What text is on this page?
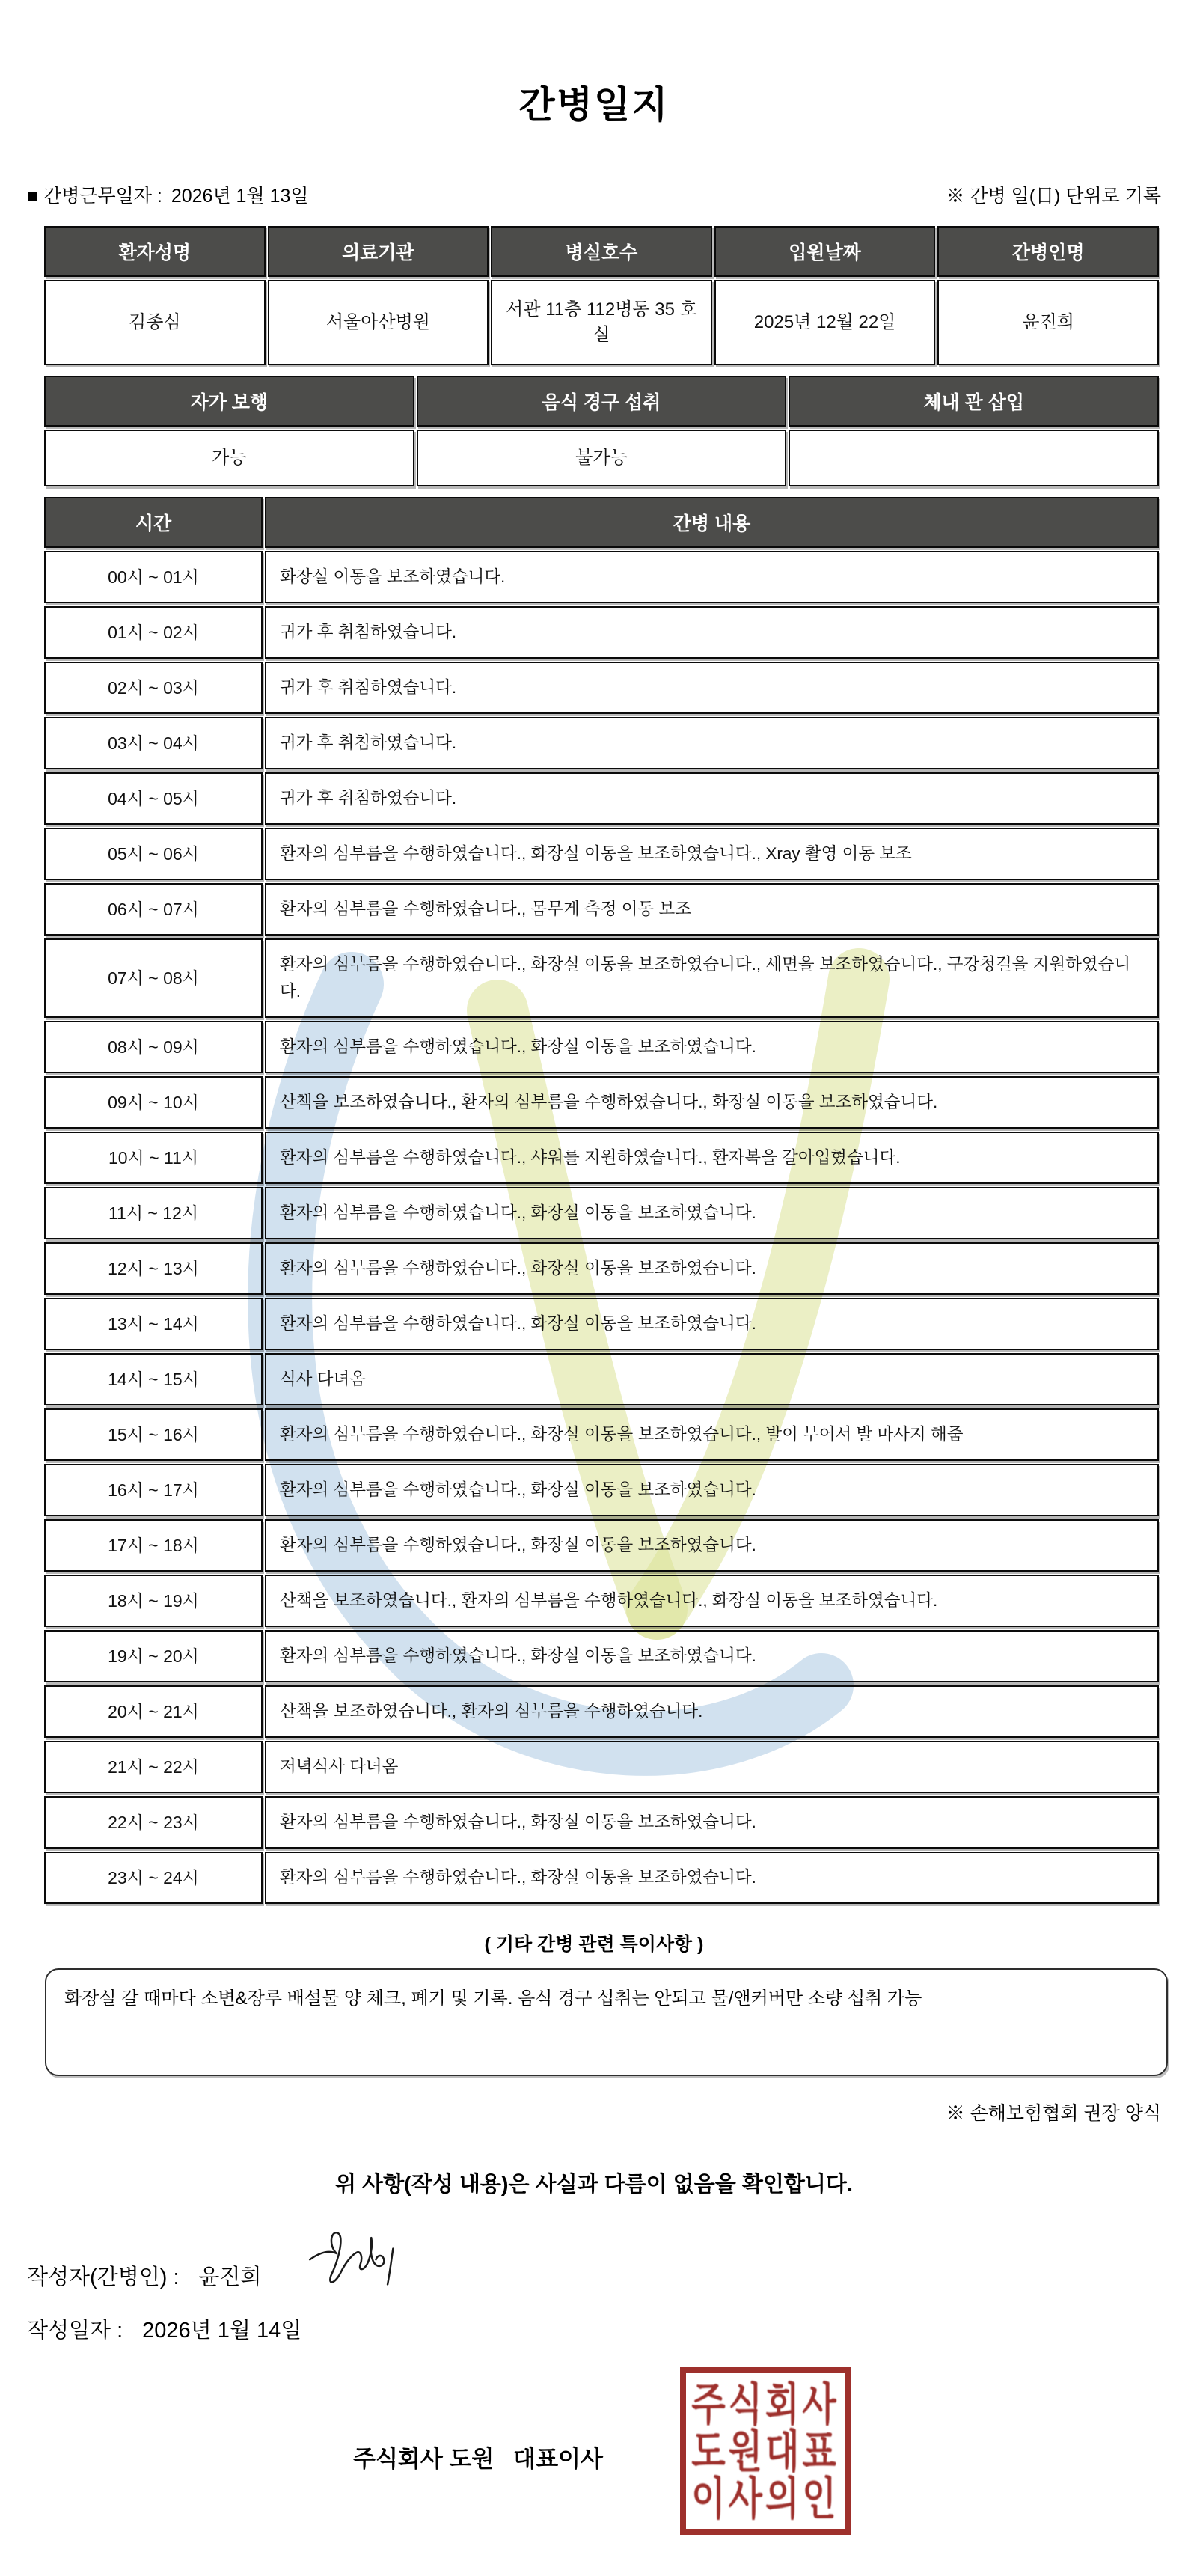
간병일지
■ 간병근무일자 : 2026년 1월 13일	※ 간병 일(日) 단위로 기록
환자성명	의료기관	병실호수	입원날짜	간병인명
김종심	서울아산병원	서관 11층 112병동 35 호실	2025년 12월 22일	윤진희
자가 보행	음식 경구 섭취	체내 관 삽입
가능	불가능	
시간	간병 내용
00시 ~ 01시	화장실 이동을 보조하였습니다.
01시 ~ 02시	귀가 후 취침하였습니다.
02시 ~ 03시	귀가 후 취침하였습니다.
03시 ~ 04시	귀가 후 취침하였습니다.
04시 ~ 05시	귀가 후 취침하였습니다.
05시 ~ 06시	환자의 심부름을 수행하였습니다., 화장실 이동을 보조하였습니다., Xray 촬영 이동 보조
06시 ~ 07시	환자의 심부름을 수행하였습니다., 몸무게 측정 이동 보조
07시 ~ 08시	환자의 심부름을 수행하였습니다., 화장실 이동을 보조하였습니다., 세면을 보조하였습니다., 구강청결을 지원하였습니다.
08시 ~ 09시	환자의 심부름을 수행하였습니다., 화장실 이동을 보조하였습니다.
09시 ~ 10시	산책을 보조하였습니다., 환자의 심부름을 수행하였습니다., 화장실 이동을 보조하였습니다.
10시 ~ 11시	환자의 심부름을 수행하였습니다., 샤워를 지원하였습니다., 환자복을 갈아입혔습니다.
11시 ~ 12시	환자의 심부름을 수행하였습니다., 화장실 이동을 보조하였습니다.
12시 ~ 13시	환자의 심부름을 수행하였습니다., 화장실 이동을 보조하였습니다.
13시 ~ 14시	환자의 심부름을 수행하였습니다., 화장실 이동을 보조하였습니다.
14시 ~ 15시	식사 다녀옴
15시 ~ 16시	환자의 심부름을 수행하였습니다., 화장실 이동을 보조하였습니다., 발이 부어서 발 마사지 해줌
16시 ~ 17시	환자의 심부름을 수행하였습니다., 화장실 이동을 보조하였습니다.
17시 ~ 18시	환자의 심부름을 수행하였습니다., 화장실 이동을 보조하였습니다.
18시 ~ 19시	산책을 보조하였습니다., 환자의 심부름을 수행하였습니다., 화장실 이동을 보조하였습니다.
19시 ~ 20시	환자의 심부름을 수행하였습니다., 화장실 이동을 보조하였습니다.
20시 ~ 21시	산책을 보조하였습니다., 환자의 심부름을 수행하였습니다.
21시 ~ 22시	저녁식사 다녀옴
22시 ~ 23시	환자의 심부름을 수행하였습니다., 화장실 이동을 보조하였습니다.
23시 ~ 24시	환자의 심부름을 수행하였습니다., 화장실 이동을 보조하였습니다.
( 기타 간병 관련 특이사항 )
화장실 갈 때마다 소변&장루 배설물 양 체크, 폐기 및 기록. 음식 경구 섭취는 안되고 물/앤커버만 소량 섭취 가능
※ 손해보험협회 권장 양식
위 사항(작성 내용)은 사실과 다름이 없음을 확인합니다.
작성자(간병인) : 윤진희
작성일자 : 2026년 1월 14일
주식회사 도원   대표이사
주식회사
도원대표
이사의인
